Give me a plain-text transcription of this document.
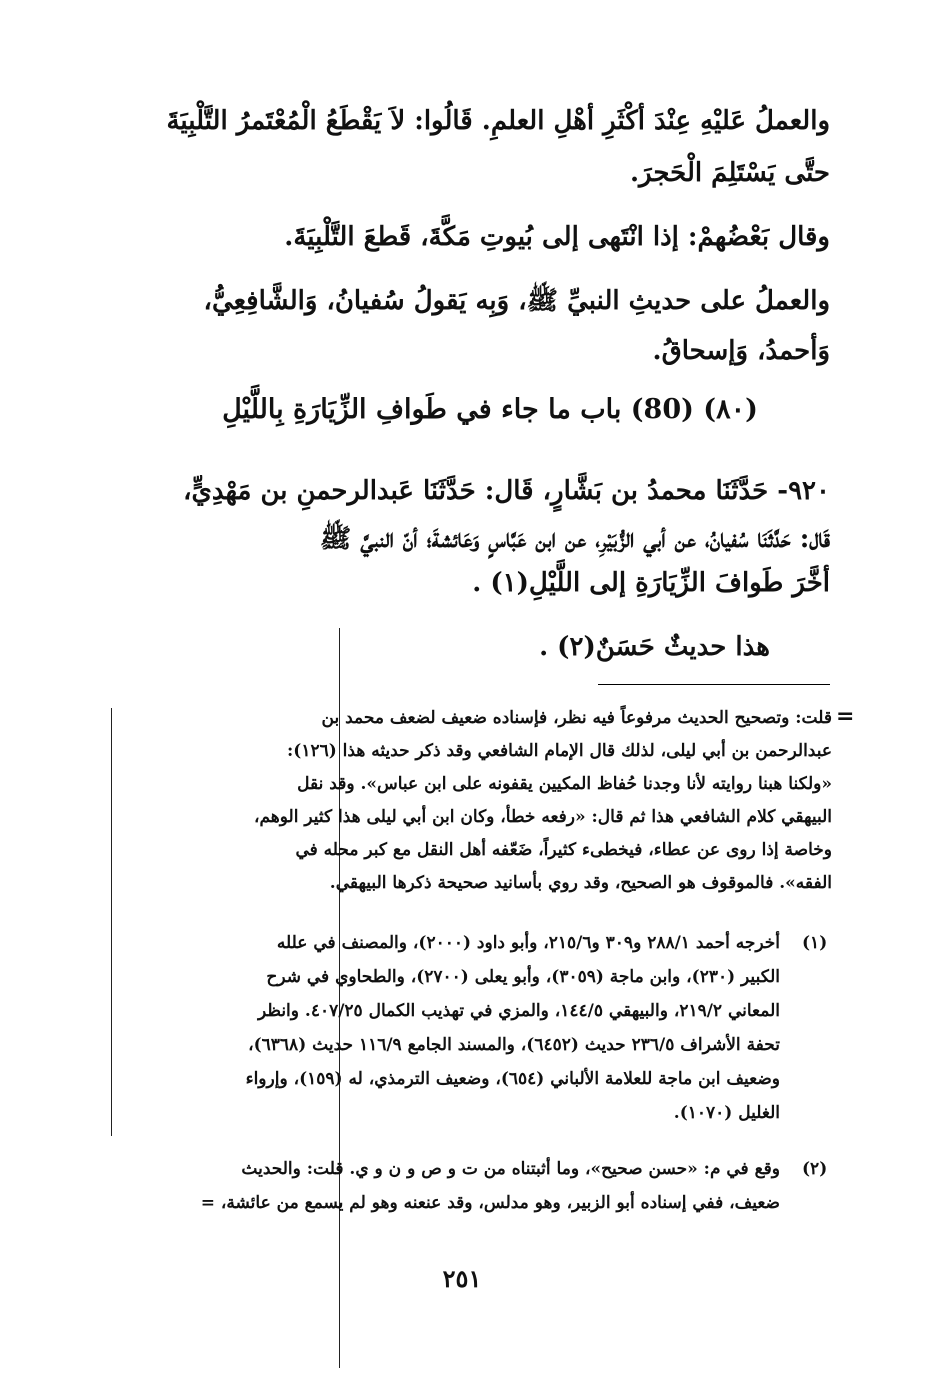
والعملُ عَليْهِ عِنْدَ أكْثَرِ أهْلِ العلمِ. قَالُوا: لاَ يَقْطَعُ الْمُعْتَمرُ التَّلْبِيَةَ
حتَّى يَسْتَلِمَ الْحَجرَ.
وقال بَعْضُهمْ: إذا انْتَهى إلى بُيوتِ مَكَّةَ، قَطعَ التَّلْبِيَةَ.
والعملُ على حديثِ النبيِّ ﷺ، وَبِه يَقولُ سُفيانُ، وَالشَّافِعِيُّ،
وَأحمدُ، وَإسحاقُ.
(٨٠) (80) باب ما جاء في طَوافِ الزِّيَارَةِ بِاللَّيْلِ
٩٢٠- حَدَّثَنَا محمدُ بن بَشَّارٍ، قَال: حَدَّثَنَا عَبدالرحمنِ بن مَهْدِيٍّ،
قَال: حَدَّثَنَا سُفيانُ، عن أبي الزُّبَيْرِ، عن ابن عَبَّاسٍ وَعَائشةَ؛ أنّ النبيَّ ﷺ
أخَّرَ طَوافَ الزِّيَارَةِ إلى اللَّيْلِ(١) .
هذا حديثٌ حَسَنٌ(٢) .
=
قلت: وتصحيح الحديث مرفوعاً فيه نظر، فإسناده ضعيف لضعف محمد بن
عبدالرحمن بن أبي ليلى، لذلك قال الإمام الشافعي وقد ذكر حديثه هذا (١٢٦):
«ولكنا هبنا روايته لأنا وجدنا حُفاظ المكيين يقفونه على ابن عباس». وقد نقل
البيهقي كلام الشافعي هذا ثم قال: «رفعه خطأ، وكان ابن أبي ليلى هذا كثير الوهم،
وخاصة إذا روى عن عطاء، فيخطىء كثيراً، ضَعّفه أهل النقل مع كبر محله في
الفقه». فالموقوف هو الصحيح، وقد روي بأسانيد صحيحة ذكرها البيهقي.
(١)
أخرجه أحمد ٢٨٨/١ و٣٠٩ و٢١٥/٦، وأبو داود (٢٠٠٠)، والمصنف في علله
الكبير (٢٣٠)، وابن ماجة (٣٠٥٩)، وأبو يعلى (٢٧٠٠)، والطحاوي في شرح
المعاني ٢١٩/٢، والبيهقي ١٤٤/٥، والمزي في تهذيب الكمال ٤٠٧/٢٥. وانظر
تحفة الأشراف ٢٣٦/٥ حديث (٦٤٥٢)، والمسند الجامع ١١٦/٩ حديث (٦٣٦٨)،
وضعيف ابن ماجة للعلامة الألباني (٦٥٤)، وضعيف الترمذي، له (١٥٩)، وإرواء
الغليل (١٠٧٠).
(٢)
وقع في م: «حسن صحيح»، وما أثبتناه من ت و ص و ن و ي. قلت: والحديث
ضعيف، ففي إسناده أبو الزبير، وهو مدلس، وقد عنعنه وهو لم يسمع من عائشة، =
٢٥١
